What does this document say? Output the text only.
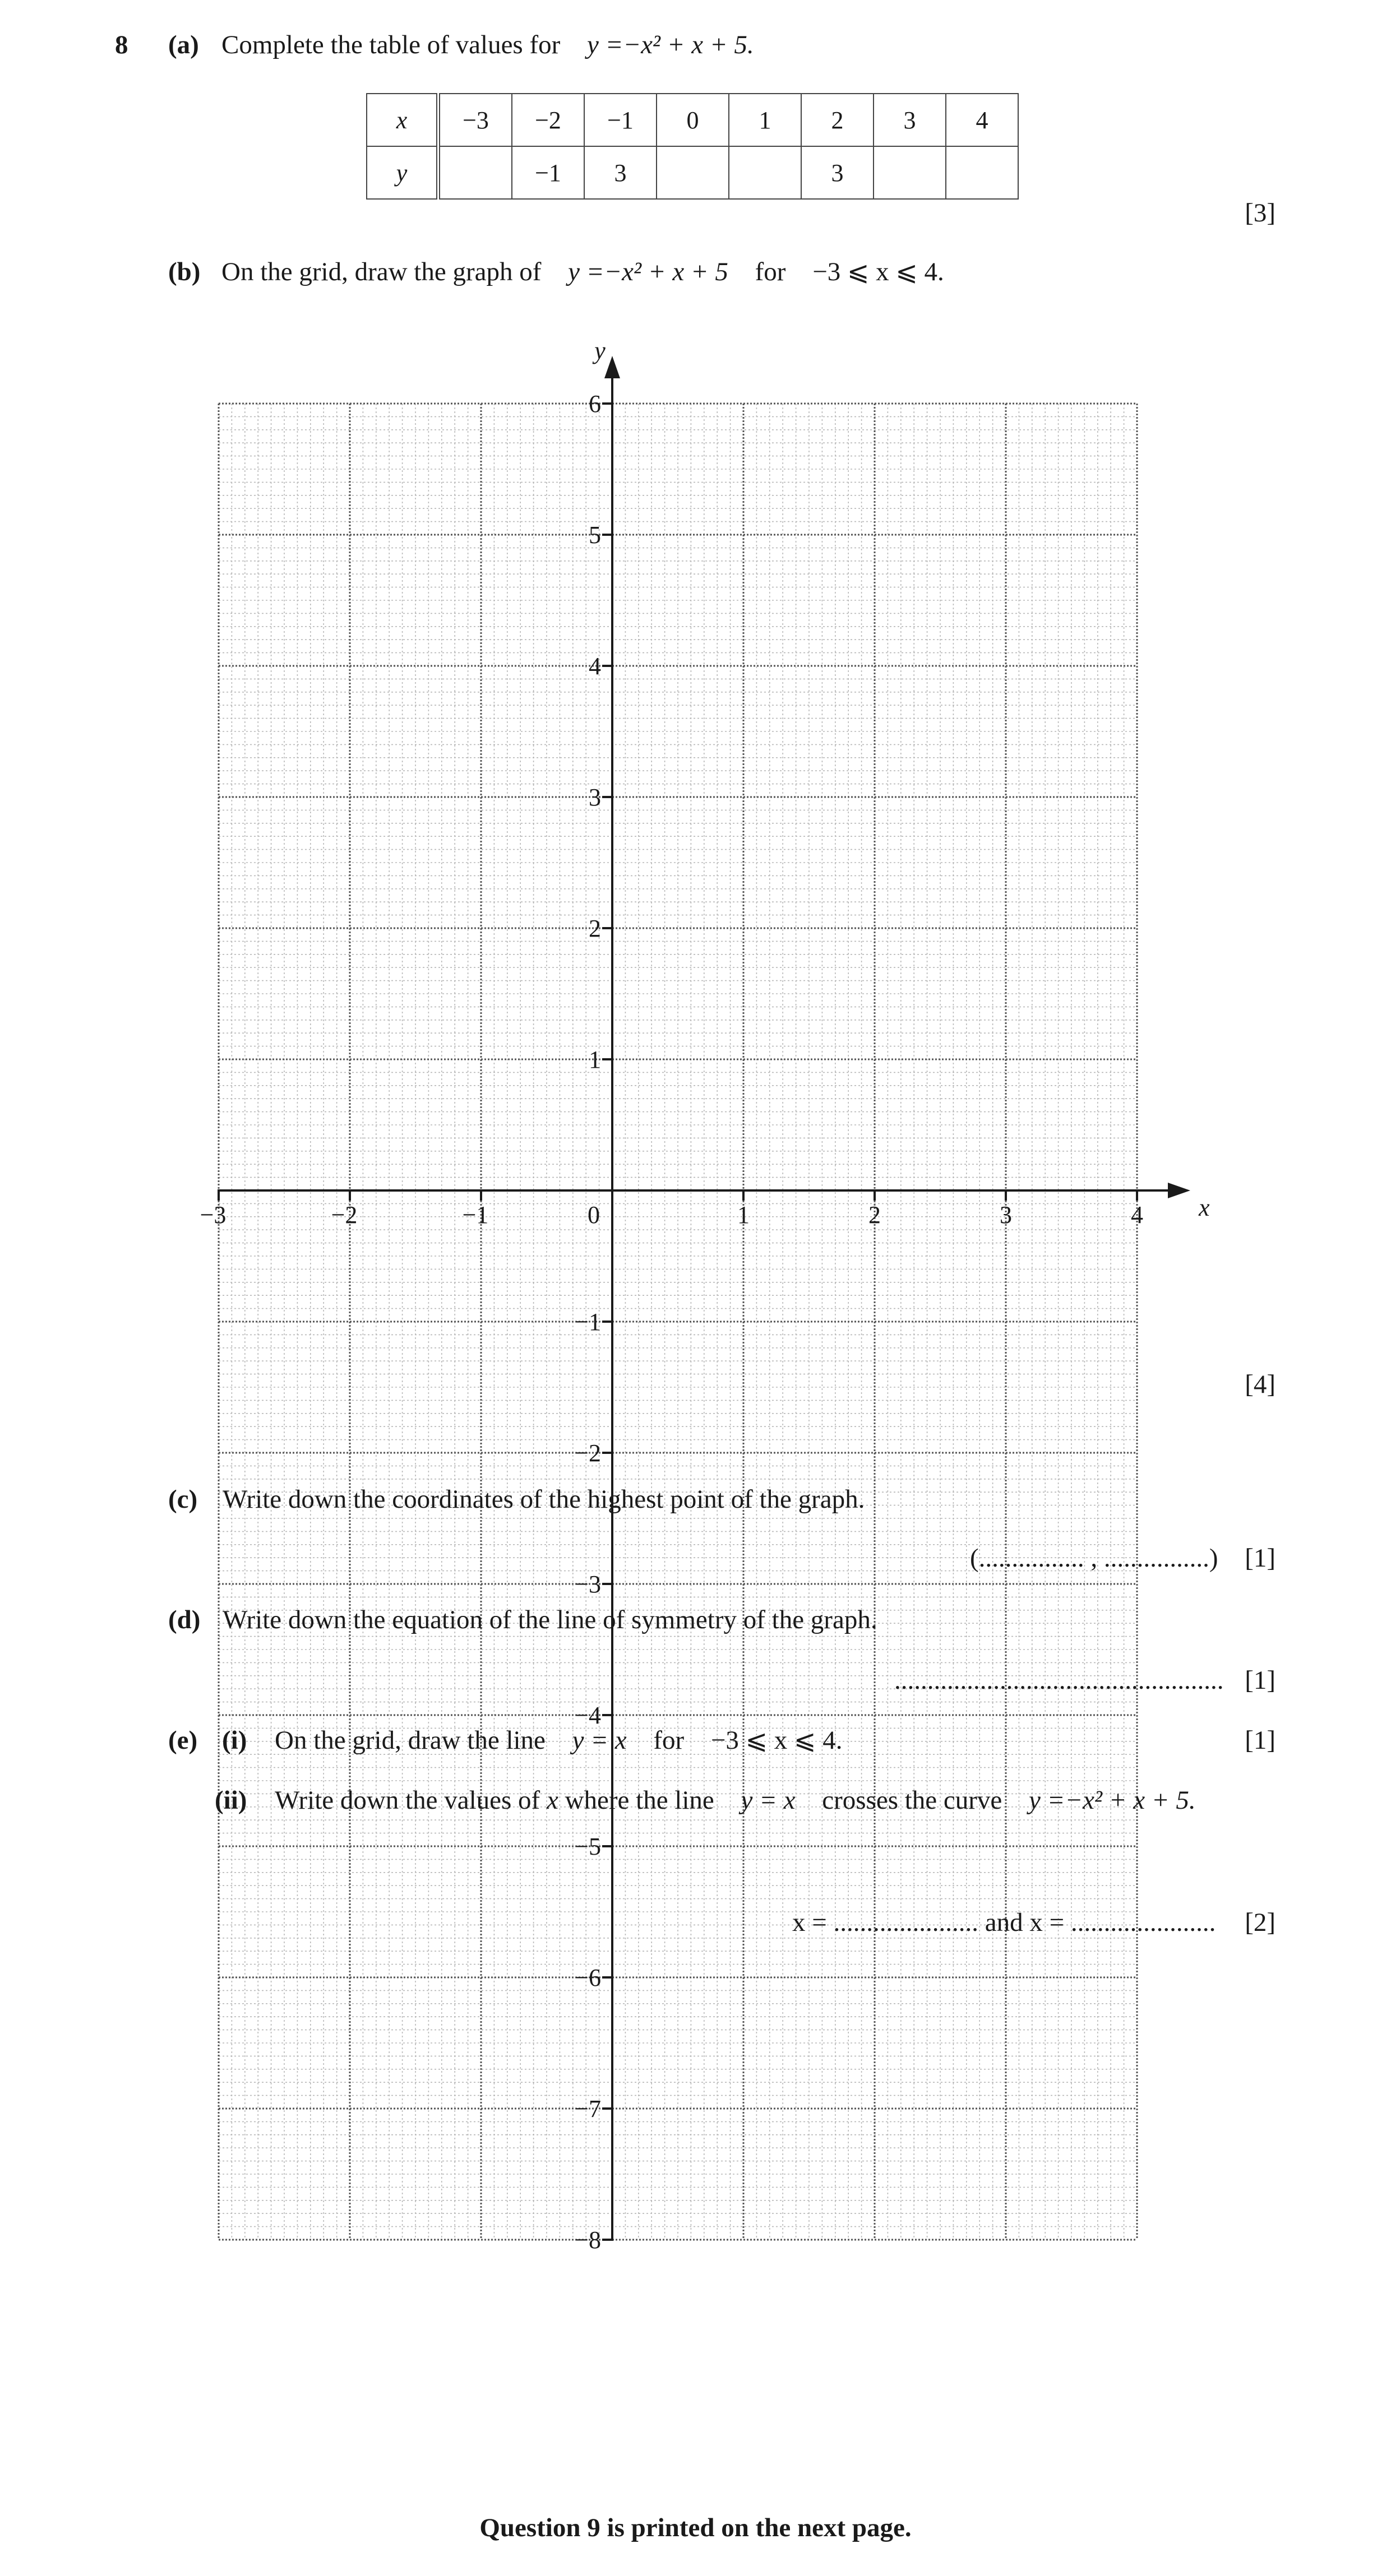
8 (a) Complete the table of values for y =−x² + x + 5.
x	−3	−2	−1	0	1	2	3	4
y		−1	3			3		
[3]
(b) On the grid, draw the graph of y =−x² + x + 5 for −3 ⩽ x ⩽ 4.
6
5
4
3
2
1
−1
−2
−3
−4
−5
−6
−7
−8
−3	−2	−1	1	2	3	4
0	x
y
[4]
(c) Write down the coordinates of the highest point of the graph.
(................ , ................)	[1]
(d) Write down the equation of the line of symmetry of the graph.
.................................................. [1]
(e) (i) On the grid, draw the line y = x for −3 ⩽ x ⩽ 4.	[1]
(ii) Write down the values of x where the line y = x crosses the curve y =−x² + x + 5.
x = ...................... and x = ......................	[2]
Question 9 is printed on the next page.
